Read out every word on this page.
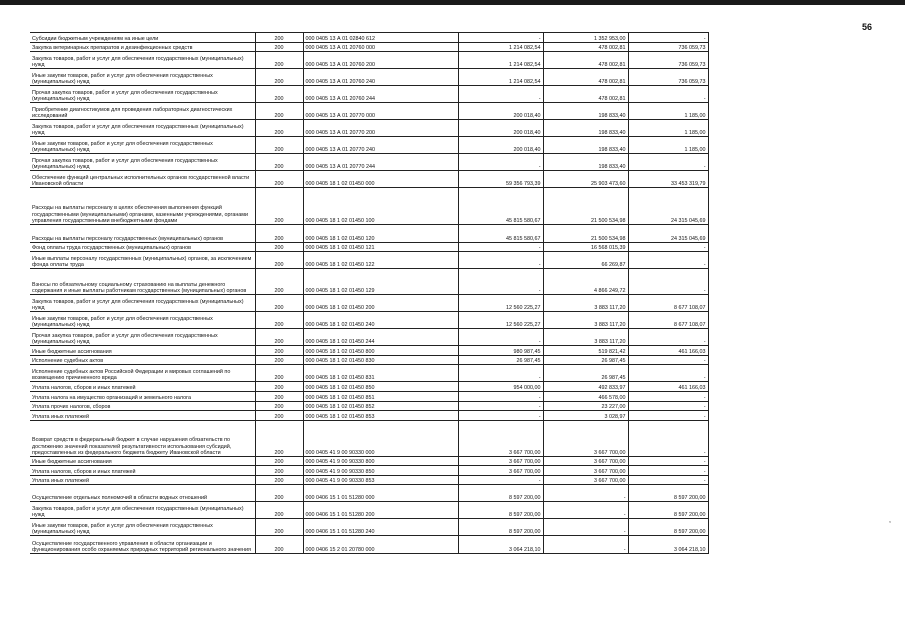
56
,
Субсидии бюджетным учреждениям на иные цели	200	000 0405 13 А 01 02840 612	-	1 352 953,00	-
Закупка ветеринарных препаратов и дезинфекционных средств	200	000 0405 13 А 01 20760 000	1 214 082,54	478 002,81	736 059,73
Закупка товаров, работ и услуг для обеспечения государственных (муниципальных) нужд	200	000 0405 13 А 01 20760 200	1 214 082,54	478 002,81	736 059,73
Иные закупки товаров, работ и услуг для обеспечения государственных (муниципальных) нужд	200	000 0405 13 А 01 20760 240	1 214 082,54	478 002,81	736 059,73
Прочая закупка товаров, работ и услуг для обеспечения государственных (муниципальных) нужд	200	000 0405 13 А 01 20760 244	-	478 002,81	-
Приобретение диагностикумов для проведения лабораторных диагностических исследований	200	000 0405 13 А 01 20770 000	200 018,40	198 833,40	1 185,00
Закупка товаров, работ и услуг для обеспечения государственных (муниципальных) нужд	200	000 0405 13 А 01 20770 200	200 018,40	198 833,40	1 185,00
Иные закупки товаров, работ и услуг для обеспечения государственных (муниципальных) нужд	200	000 0405 13 А 01 20770 240	200 018,40	198 833,40	1 185,00
Прочая закупка товаров, работ и услуг для обеспечения государственных (муниципальных) нужд	200	000 0405 13 А 01 20770 244	-	198 833,40	-
Обеспечение функций центральных исполнительных органов государственной власти Ивановской области	200	000 0405 18 1 02 01450 000	59 356 793,39	25 903 473,60	33 453 319,79
Расходы на выплаты персоналу в целях обеспечения выполнения функций государственными (муниципальными) органами, казенными учреждениями, органами управления государственными внебюджетными фондами	200	000 0405 18 1 02 01450 100	45 815 580,67	21 500 534,98	24 315 045,69
Расходы на выплаты персоналу государственных (муниципальных) органов	200	000 0405 18 1 02 01450 120	45 815 580,67	21 500 534,98	24 315 045,69
Фонд оплаты труда государственных (муниципальных) органов	200	000 0405 18 1 02 01450 121	-	16 568 015,39	-
Иные выплаты персоналу государственных (муниципальных) органов, за исключением фонда оплаты труда	200	000 0405 18 1 02 01450 122	-	66 269,87	-
Взносы по обязательному социальному страхованию на выплаты денежного содержания и иные выплаты работникам государственных (муниципальных) органов	200	000 0405 18 1 02 01450 129	-	4 866 249,72	-
Закупка товаров, работ и услуг для обеспечения государственных (муниципальных) нужд	200	000 0405 18 1 02 01450 200	12 560 225,27	3 883 117,20	8 677 108,07
Иные закупки товаров, работ и услуг для обеспечения государственных (муниципальных) нужд	200	000 0405 18 1 02 01450 240	12 560 225,27	3 883 117,20	8 677 108,07
Прочая закупка товаров, работ и услуг для обеспечения государственных (муниципальных) нужд	200	000 0405 18 1 02 01450 244	-	3 883 117,20	-
Иные бюджетные ассигнования	200	000 0405 18 1 02 01450 800	980 987,45	519 821,42	461 166,03
Исполнение судебных актов	200	000 0405 18 1 02 01450 830	26 987,45	26 987,45	-
Исполнение судебных актов Российской Федерации и мировых соглашений по возмещению причиненного вреда	200	000 0405 18 1 02 01450 831	-	26 987,45	-
Уплата налогов, сборов и иных платежей	200	000 0405 18 1 02 01450 850	954 000,00	492 833,97	461 166,03
Уплата налога на имущество организаций и земельного налога	200	000 0405 18 1 02 01450 851	-	466 578,00	-
Уплата прочих налогов, сборов	200	000 0405 18 1 02 01450 852	-	23 227,00	-
Уплата иных платежей	200	000 0405 18 1 02 01450 853	-	3 028,97	-
Возврат средств в федеральный бюджет в случае нарушения обязательств по достижению значений показателей результативности использования субсидий, предоставленных из федерального бюджета бюджету Ивановской области	200	000 0405 41 9 00 90330 000	3 667 700,00	3 667 700,00	-
Иные бюджетные ассигнования	200	000 0405 41 9 00 90330 800	3 667 700,00	3 667 700,00	-
Уплата налогов, сборов и иных платежей	200	000 0405 41 9 00 90330 850	3 667 700,00	3 667 700,00	-
Уплата иных платежей	200	000 0405 41 9 00 90330 853	-	3 667 700,00	-
Осуществление отдельных полномочий в области водных отношений	200	000 0406 15 1 01 51280 000	8 597 200,00	-	8 597 200,00
Закупка товаров, работ и услуг для обеспечения государственных (муниципальных) нужд	200	000 0406 15 1 01 51280 200	8 597 200,00	-	8 597 200,00
Иные закупки товаров, работ и услуг для обеспечения государственных (муниципальных) нужд	200	000 0406 15 1 01 51280 240	8 597 200,00	-	8 597 200,00
Осуществление государственного управления в области организации и функционирования особо охраняемых природных территорий регионального значения	200	000 0406 15 2 01 20780 000	3 064 218,10	-	3 064 218,10
